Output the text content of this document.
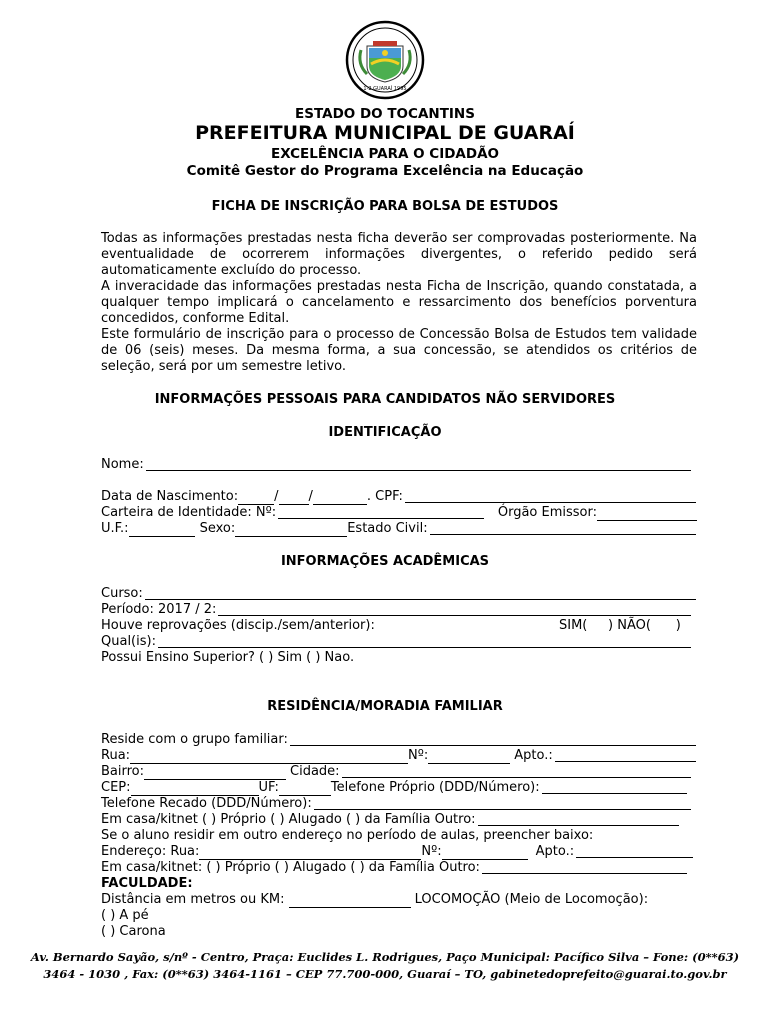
1-2 GUARAÍ 1995
ESTADO DO TOCANTINS
PREFEITURA MUNICIPAL DE GUARAÍ
EXCELÊNCIA PARA O CIDADÃO
Comitê Gestor do Programa Excelência na Educação
FICHA DE INSCRIÇÃO PARA BOLSA DE ESTUDOS

Todas as informações prestadas nesta ficha deverão ser comprovadas posteriormente. Na eventualidade de ocorrerem informações divergentes, o referido pedido será automaticamente excluído do processo.

A inveracidade das informações prestadas nesta Ficha de Inscrição, quando constatada, a qualquer tempo implicará o cancelamento e ressarcimento dos benefícios porventura concedidos, conforme Edital.

Este formulário de inscrição para o processo de Concessão Bolsa de Estudos tem validade de 06 (seis) meses. Da mesma forma, a sua concessão, se atendidos os critérios de seleção, será por um semestre letivo.

INFORMAÇÕES PESSOAIS PARA CANDIDATOS NÃO SERVIDORES
IDENTIFICAÇÃO
Nome:
Data de Nascimento:	/ /	. CPF:
Carteira de Identidade: Nº:	Órgão Emissor:
U.F.:	Sexo:	Estado Civil:
INFORMAÇÕES ACADÊMICAS
Curso:
Período: 2017 / 2:
Houve reprovações (discip./sem/anterior):	SIM( ) NÃO( )
Qual(is):
Possui Ensino Superior? ( ) Sim ( ) Nao.
RESIDÊNCIA/MORADIA FAMILIAR
Reside com o grupo familiar:
Rua:	Nº:	Apto.:
Bairro:	Cidade:
CEP:	UF:	Telefone Próprio (DDD/Número):
Telefone Recado (DDD/Número):
Em casa/kitnet ( ) Próprio ( ) Alugado ( ) da Família Outro:
Se o aluno residir em outro endereço no período de aulas, preencher baixo:
Endereço: Rua:	Nº:	Apto.:
Em casa/kitnet: ( ) Próprio ( ) Alugado ( ) da Família Outro:
FACULDADE:
Distância em metros ou KM:
	LOCOMOÇÃO (Meio de Locomoção):
( ) A pé
( ) Carona
Av. Bernardo Sayão, s/nº - Centro, Praça: Euclides L. Rodrigues, Paço Municipal: Pacífico Silva – Fone: (0**63)
3464 - 1030 , Fax: (0**63) 3464-1161 – CEP 77.700-000, Guaraí – TO, gabinetedoprefeito@guarai.to.gov.br
